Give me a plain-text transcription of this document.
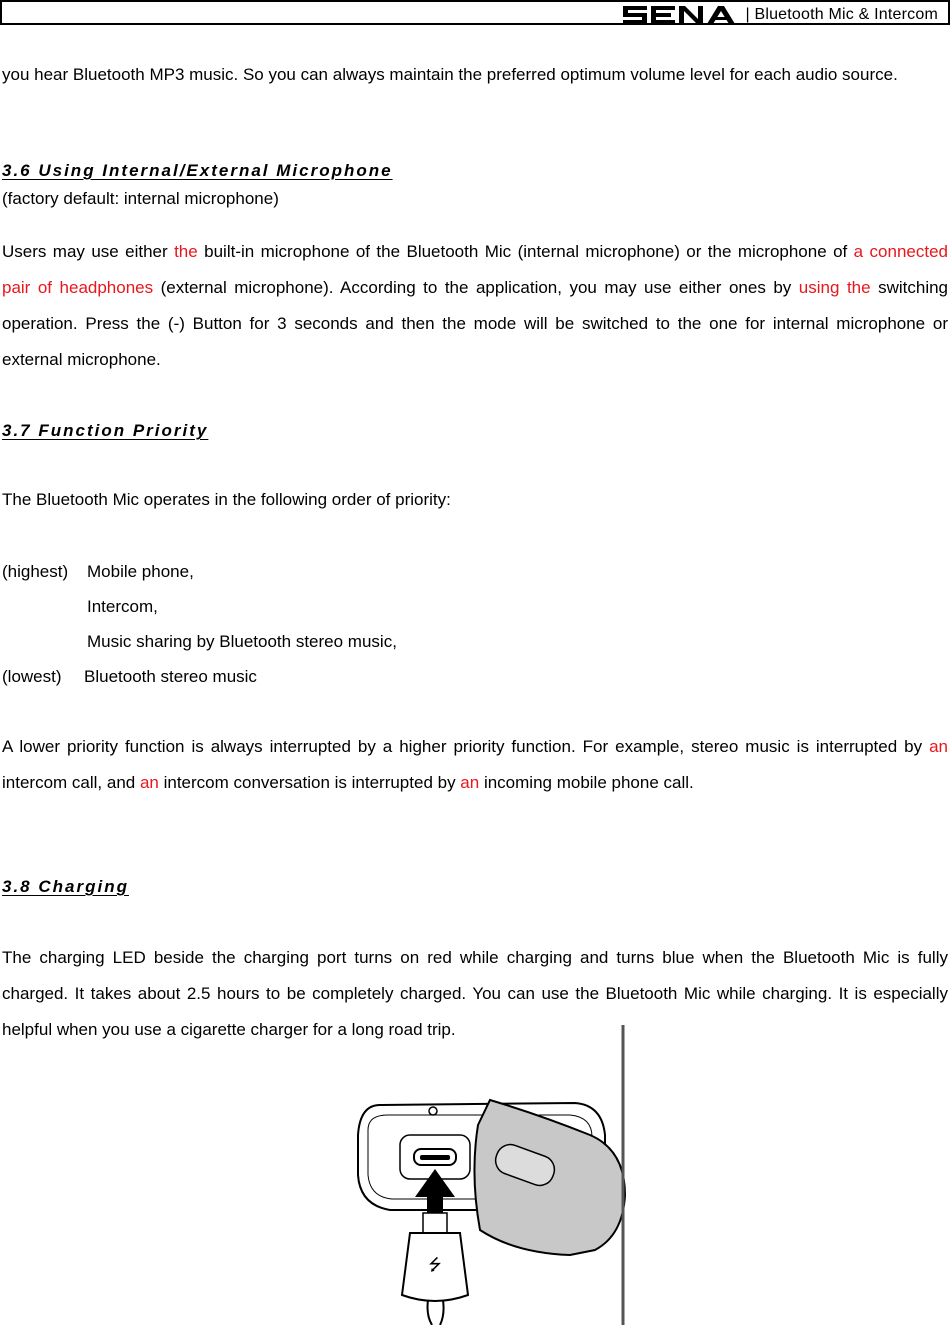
| Bluetooth Mic & Intercom

you hear Bluetooth MP3 music. So you can always maintain the preferred optimum volume level for each audio source.

3.6 Using Internal/External Microphone

(factory default: internal microphone)

Users may use either the built-in microphone of the Bluetooth Mic (internal microphone) or the microphone of a connected pair of headphones (external microphone). According to the application, you may use either ones by using the switching operation. Press the (-) Button for 3 seconds and then the mode will be switched to the one for internal microphone or external microphone.

3.7 Function Priority

The Bluetooth Mic operates in the following order of priority:

(highest) Mobile phone,

Intercom,

Music sharing by Bluetooth stereo music,

(lowest) Bluetooth stereo music

A lower priority function is always interrupted by a higher priority function. For example, stereo music is interrupted by an intercom call, and an intercom conversation is interrupted by an incoming mobile phone call.

3.8 Charging

The charging LED beside the charging port turns on red while charging and turns blue when the Bluetooth Mic is fully charged. It takes about 2.5 hours to be completely charged. You can use the Bluetooth Mic while charging. It is especially helpful when you use a cigarette charger for a long road trip.

⭍
